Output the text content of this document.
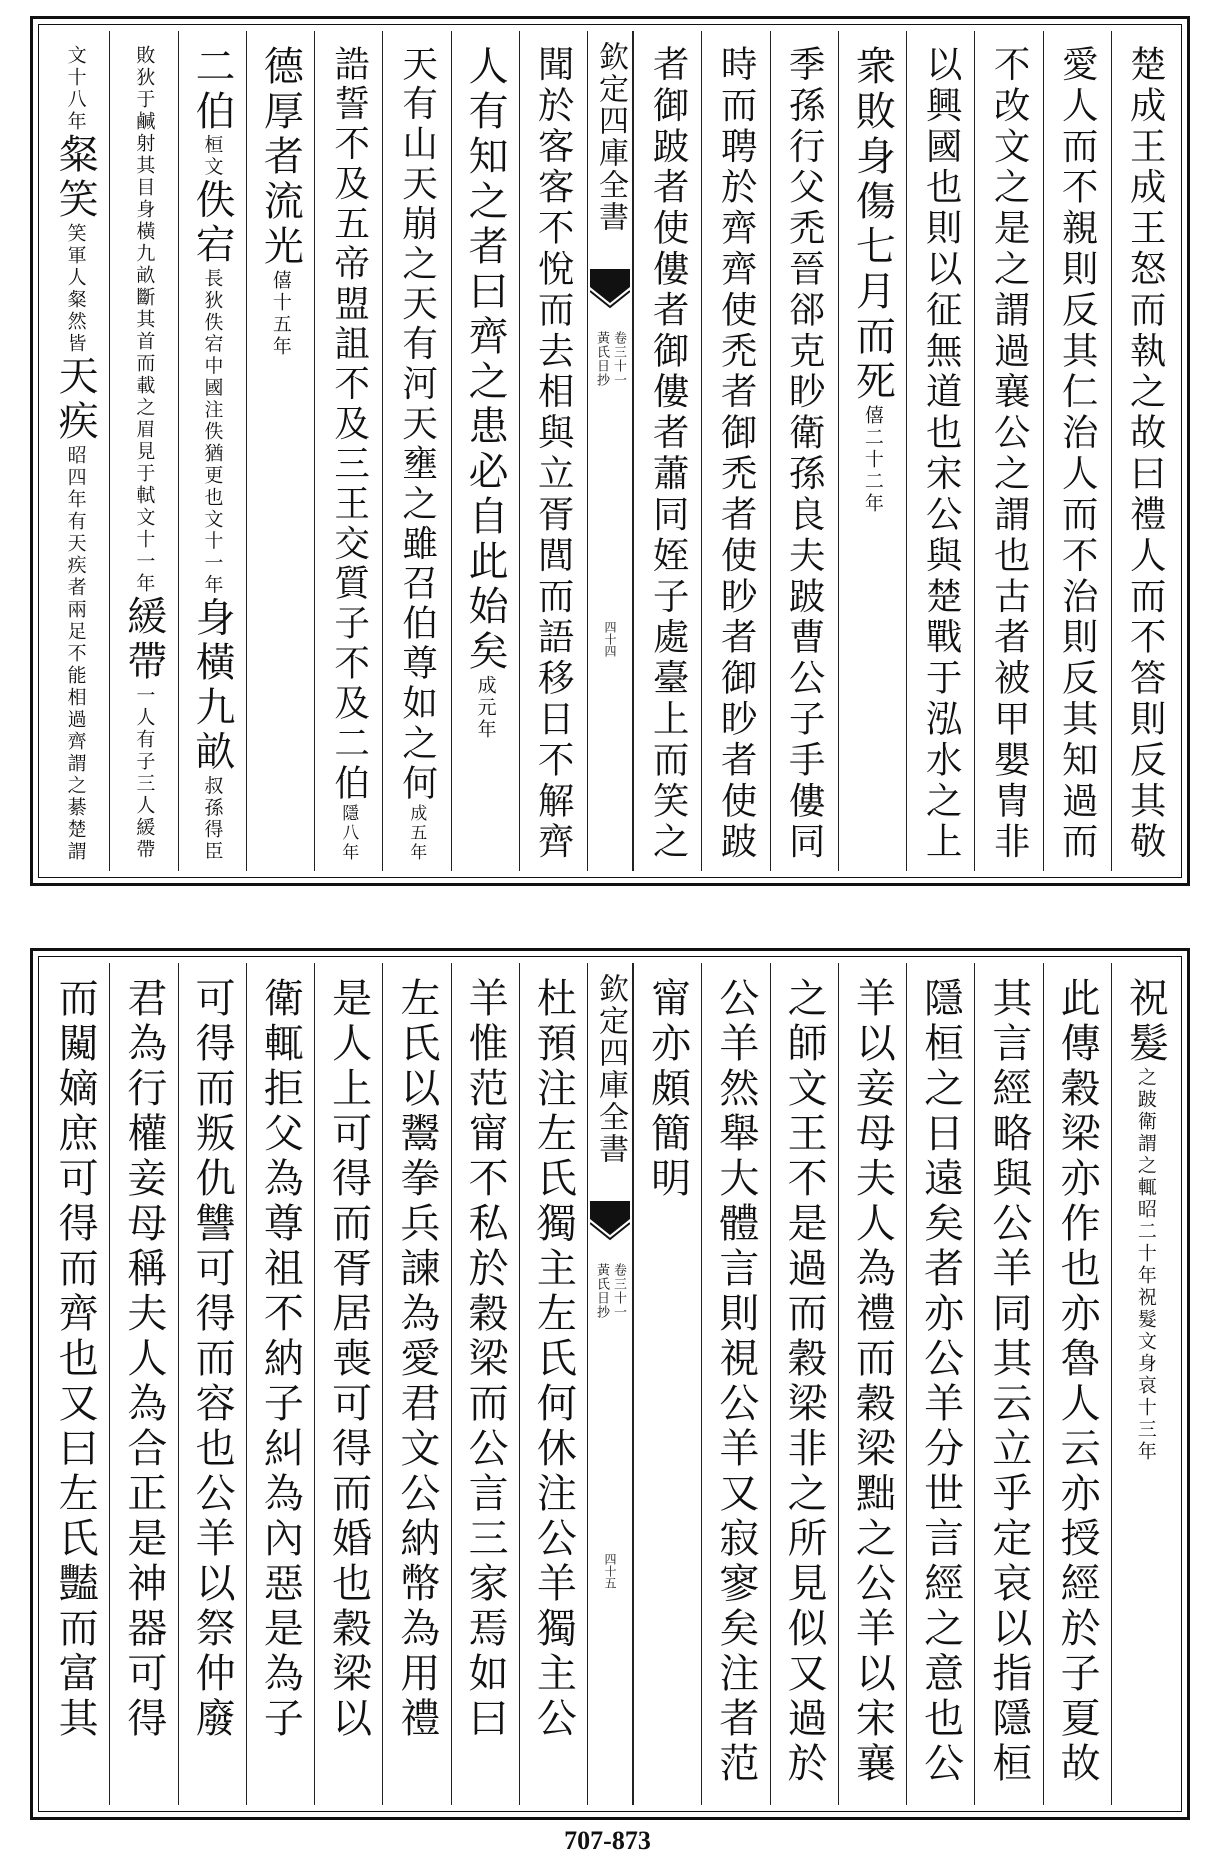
楚成王成王怒而執之故曰禮人而不答則反其敬
愛人而不親則反其仁治人而不治則反其知過而
不改文之是之謂過襄公之謂也古者被甲嬰冑非
以興國也則以征無道也宋公與楚戰于泓水之上
衆敗身傷七月而死
僖二十二年
季孫行父禿晉郤克眇衛孫良夫跛曹公子手僂同
時而聘於齊齊使禿者御禿者使眇者御眇者使跛
者御跛者使僂者御僂者蕭同姪子處臺上而笑之
欽定四庫全書
黃氏日抄 卷三十一
四十四
聞於客客不悅而去相與立胥閭而語移日不解齊
人有知之者曰齊之患必自此始矣
成元年
天有山天崩之天有河天壅之雖召伯尊如之何
成五年
誥誓不及五帝盟詛不及三王交質子不及二伯
隱八年
德厚者流光
僖十五年
二伯
桓文
佚宕
長狄佚宕中國注佚猶更也
文十一年
身橫九畝
叔孫得臣
敗狄于鹹射其目身橫九畝斷其首而載之眉見于軾
文十一年
緩帶
一人有子三人緩帶
文十八年
粲笑
笑軍人粲然皆
天疾
昭四年
有天疾者兩足不能相過齊謂之綦楚謂
祝髮
之跛衛謂之輒
昭二十年
祝髮文身哀十三年
此傳穀梁亦作也亦魯人云亦授經於子夏故
其言經略與公羊同其云立乎定哀以指隱桓
隱桓之日遠矣者亦公羊分世言經之意也公
羊以妾母夫人為禮而穀梁黜之公羊以宋襄
之師文王不是過而穀梁非之所見似又過於
公羊然舉大體言則視公羊又寂寥矣注者范
甯亦頗簡明
欽定四庫全書
黃氏日抄 卷三十一
四十五
杜預注左氏獨主左氏何休注公羊獨主公
羊惟范甯不私於穀梁而公言三家焉如曰
左氏以鬻拳兵諫為愛君文公納幣為用禮
是人上可得而胥居喪可得而婚也穀梁以
衛輒拒父為尊祖不納子糾為內惡是為子
可得而叛仇讐可得而容也公羊以祭仲廢
君為行權妾母稱夫人為合正是神器可得
而闚嫡庶可得而齊也又曰左氏豔而富其
707-873
